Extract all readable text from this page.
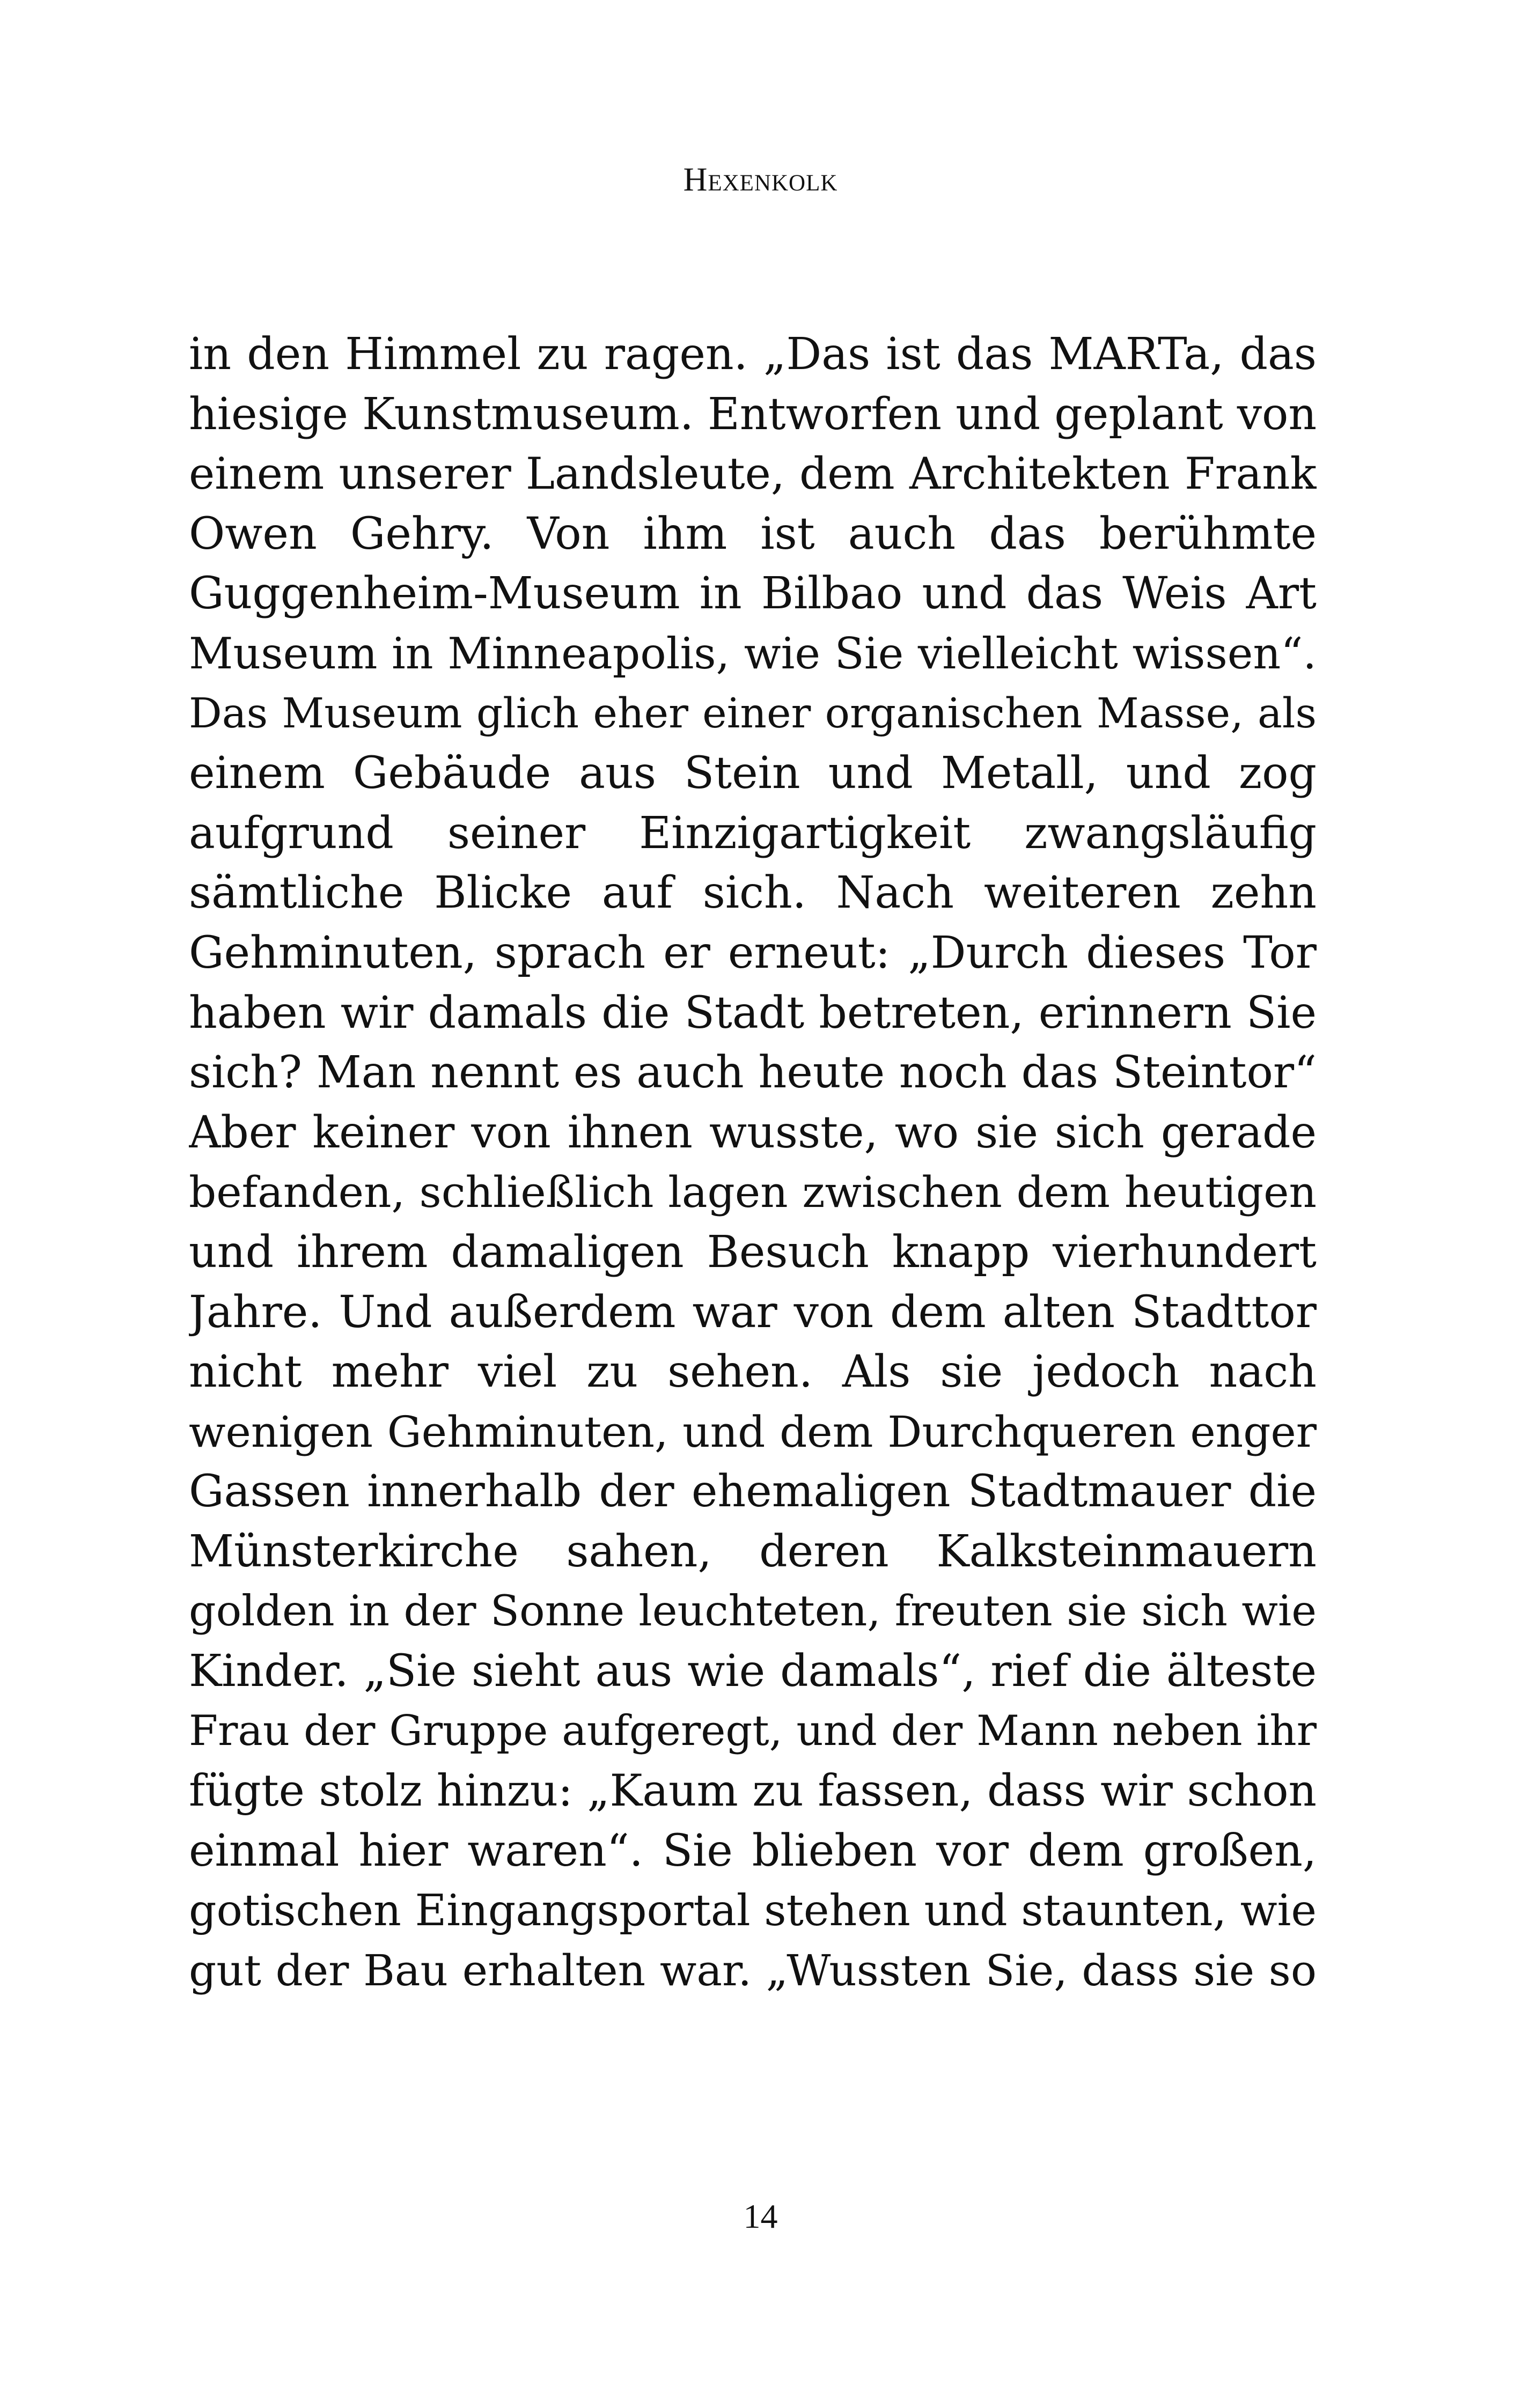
Hexenkolk
in den Himmel zu ragen. „Das ist das MARTa, das
hiesige Kunstmuseum. Entworfen und geplant von
einem unserer Landsleute, dem Architekten Frank
Owen Gehry. Von ihm ist auch das berühmte
Guggenheim-Museum in Bilbao und das Weis Art
Museum in Minneapolis, wie Sie vielleicht wissen“.
Das Museum glich eher einer organischen Masse, als
einem Gebäude aus Stein und Metall, und zog
aufgrund seiner Einzigartigkeit zwangsläufig
sämtliche Blicke auf sich. Nach weiteren zehn
Gehminuten, sprach er erneut: „Durch dieses Tor
haben wir damals die Stadt betreten, erinnern Sie
sich? Man nennt es auch heute noch das Steintor“
Aber keiner von ihnen wusste, wo sie sich gerade
befanden, schließlich lagen zwischen dem heutigen
und ihrem damaligen Besuch knapp vierhundert
Jahre. Und außerdem war von dem alten Stadttor
nicht mehr viel zu sehen. Als sie jedoch nach
wenigen Gehminuten, und dem Durchqueren enger
Gassen innerhalb der ehemaligen Stadtmauer die
Münsterkirche sahen, deren Kalksteinmauern
golden in der Sonne leuchteten, freuten sie sich wie
Kinder. „Sie sieht aus wie damals“, rief die älteste
Frau der Gruppe aufgeregt, und der Mann neben ihr
fügte stolz hinzu: „Kaum zu fassen, dass wir schon
einmal hier waren“. Sie blieben vor dem großen,
gotischen Eingangsportal stehen und staunten, wie
gut der Bau erhalten war. „Wussten Sie, dass sie so
14
